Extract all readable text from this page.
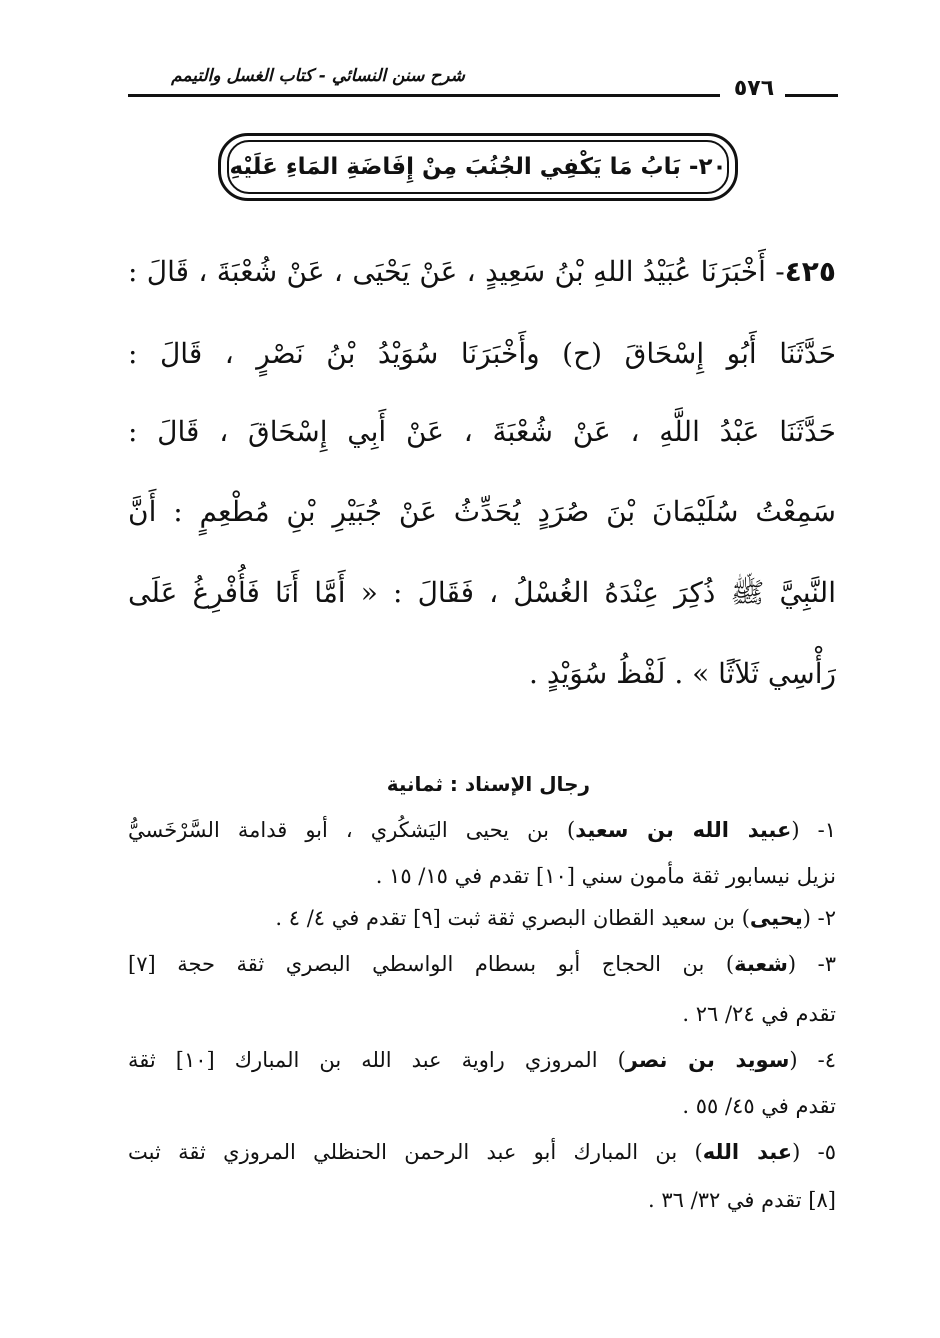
شرح سنن النسائي - كتاب الغسل والتيمم	٥٧٦
٢٠- بَابُ مَا يَكْفِي الجُنُبَ مِنْ إِفَاضَةِ المَاءِ عَلَيْهِ
٤٢٥- أَخْبَرَنَا عُبَيْدُ اللهِ بْنُ سَعِيدٍ ، عَنْ يَحْيَى ، عَنْ شُعْبَةَ ، قَالَ :
حَدَّثَنَا أَبُو إِسْحَاقَ (ح) وأَخْبَرَنَا سُوَيْدُ بْنُ نَصْرٍ ، قَالَ :
حَدَّثَنَا عَبْدُ اللَّهِ ، عَنْ شُعْبَةَ ، عَنْ أَبِي إِسْحَاقَ ، قَالَ :
سَمِعْتُ سُلَيْمَانَ بْنَ صُرَدٍ يُحَدِّثُ عَنْ جُبَيْرِ بْنِ مُطْعِمٍ : أَنَّ
النَّبِيَّ ﷺ ذُكِرَ عِنْدَهُ الغُسْلُ ، فَقَالَ : « أَمَّا أَنَا فَأُفْرِغُ عَلَى
رَأْسِي ثَلاَثًا » . لَفْظُ سُوَيْدٍ .
رجال الإسناد : ثمانية
١- (عبيد الله بن سعيد) بن يحيى اليَشكُري ، أبو قدامة السَّرْخَسيُّ
نزيل نيسابور ثقة مأمون سني [١٠] تقدم في ١٥/ ١٥ .
٢- (يحيى) بن سعيد القطان البصري ثقة ثبت [٩] تقدم في ٤/ ٤ .
٣- (شعبة) بن الحجاج أبو بسطام الواسطي البصري ثقة حجة [٧]
تقدم في ٢٤/ ٢٦ .
٤- (سويد بن نصر) المروزي راوية عبد الله بن المبارك [١٠] ثقة
تقدم في ٤٥/ ٥٥ .
٥- (عبد الله) بن المبارك أبو عبد الرحمن الحنظلي المروزي ثقة ثبت
[٨] تقدم في ٣٢/ ٣٦ .
